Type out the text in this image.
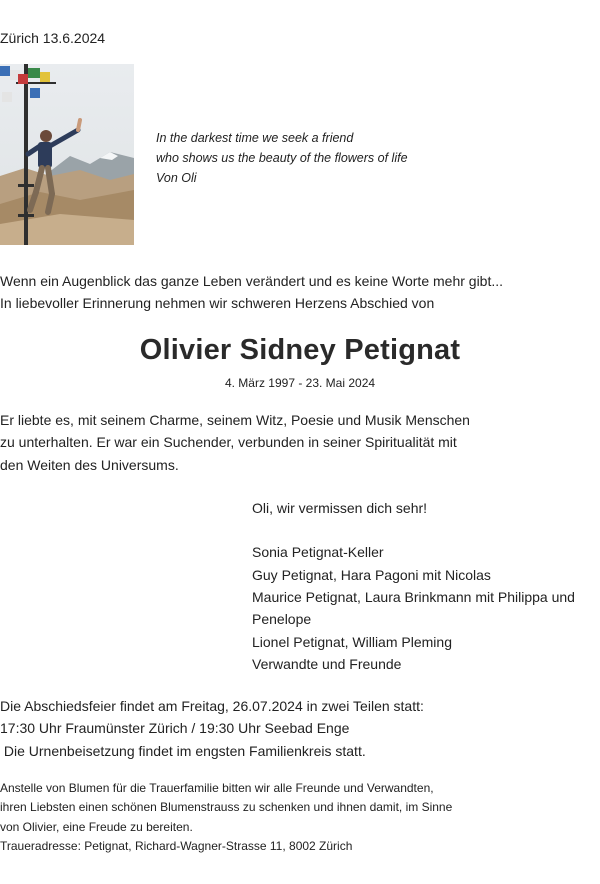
Zürich 13.6.2024
In the darkest time we seek a friend
who shows us the beauty of the flowers of life
Von Oli
Wenn ein Augenblick das ganze Leben verändert und es keine Worte mehr gibt...
In liebevoller Erinnerung nehmen wir schweren Herzens Abschied von
Olivier Sidney Petignat
4. März 1997 - 23. Mai 2024
Er liebte es, mit seinem Charme, seinem Witz, Poesie und Musik Menschen
zu unterhalten. Er war ein Suchender, verbunden in seiner Spiritualität mit
den Weiten des Universums.
Oli, wir vermissen dich sehr!
Sonia Petignat-Keller
Guy Petignat, Hara Pagoni mit Nicolas
Maurice Petignat, Laura Brinkmann mit Philippa und
Penelope
Lionel Petignat, William Pleming
Verwandte und Freunde
Die Abschiedsfeier findet am Freitag, 26.07.2024 in zwei Teilen statt:
17:30 Uhr Fraumünster Zürich / 19:30 Uhr Seebad Enge
Die Urnenbeisetzung findet im engsten Familienkreis statt.
Anstelle von Blumen für die Trauerfamilie bitten wir alle Freunde und Verwandten,
ihren Liebsten einen schönen Blumenstrauss zu schenken und ihnen damit, im Sinne
von Olivier, eine Freude zu bereiten.
Traueradresse: Petignat, Richard-Wagner-Strasse 11, 8002 Zürich
